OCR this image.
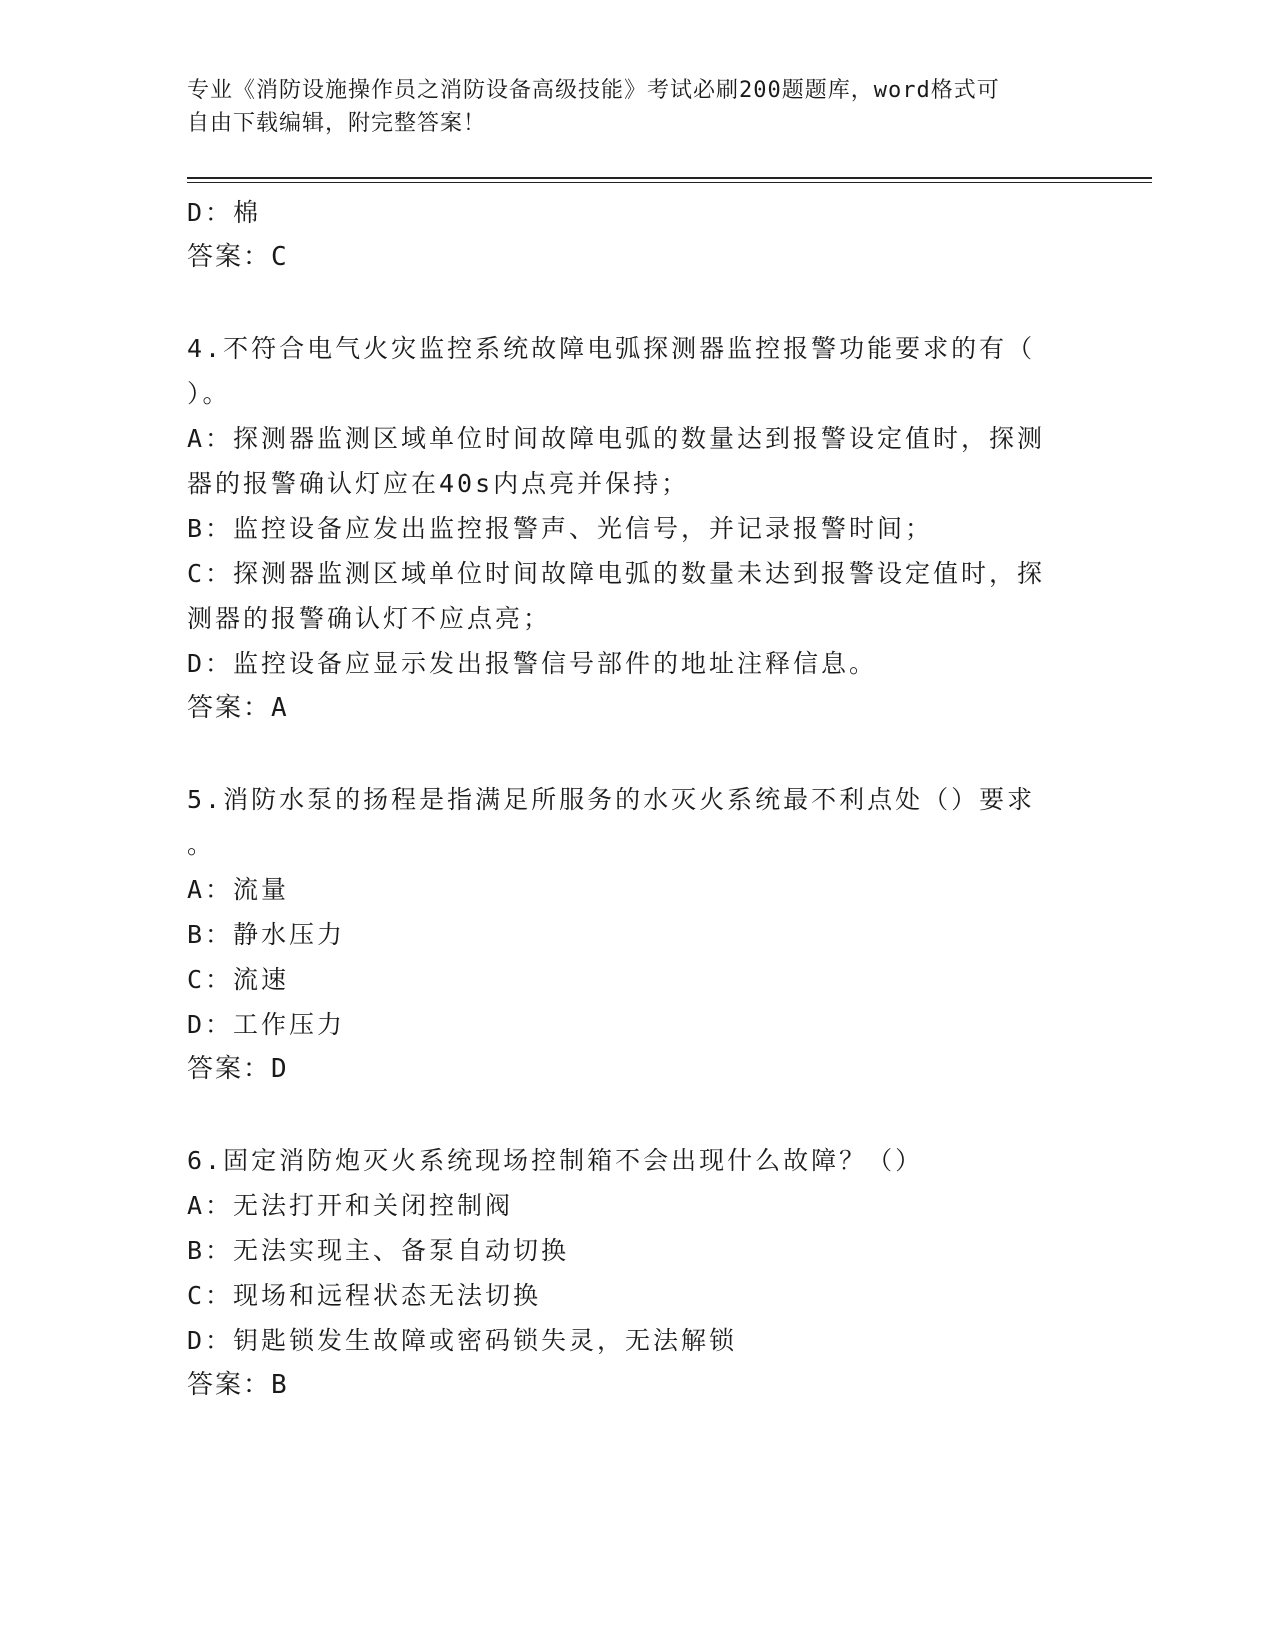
专业《消防设施操作员之消防设备高级技能》考试必刷200题题库，word格式可
自由下载编辑，附完整答案！
D：棉
答案：C
4.不符合电气火灾监控系统故障电弧探测器监控报警功能要求的有（
）。
A：探测器监测区域单位时间故障电弧的数量达到报警设定值时，探测
器的报警确认灯应在40s内点亮并保持；
B：监控设备应发出监控报警声、光信号，并记录报警时间；
C：探测器监测区域单位时间故障电弧的数量未达到报警设定值时，探
测器的报警确认灯不应点亮；
D：监控设备应显示发出报警信号部件的地址注释信息。
答案：A
5.消防水泵的扬程是指满足所服务的水灭火系统最不利点处（）要求
。
A：流量
B：静水压力
C：流速
D：工作压力
答案：D
6.固定消防炮灭火系统现场控制箱不会出现什么故障？（）
A：无法打开和关闭控制阀
B：无法实现主、备泵自动切换
C：现场和远程状态无法切换
D：钥匙锁发生故障或密码锁失灵，无法解锁
答案：B
